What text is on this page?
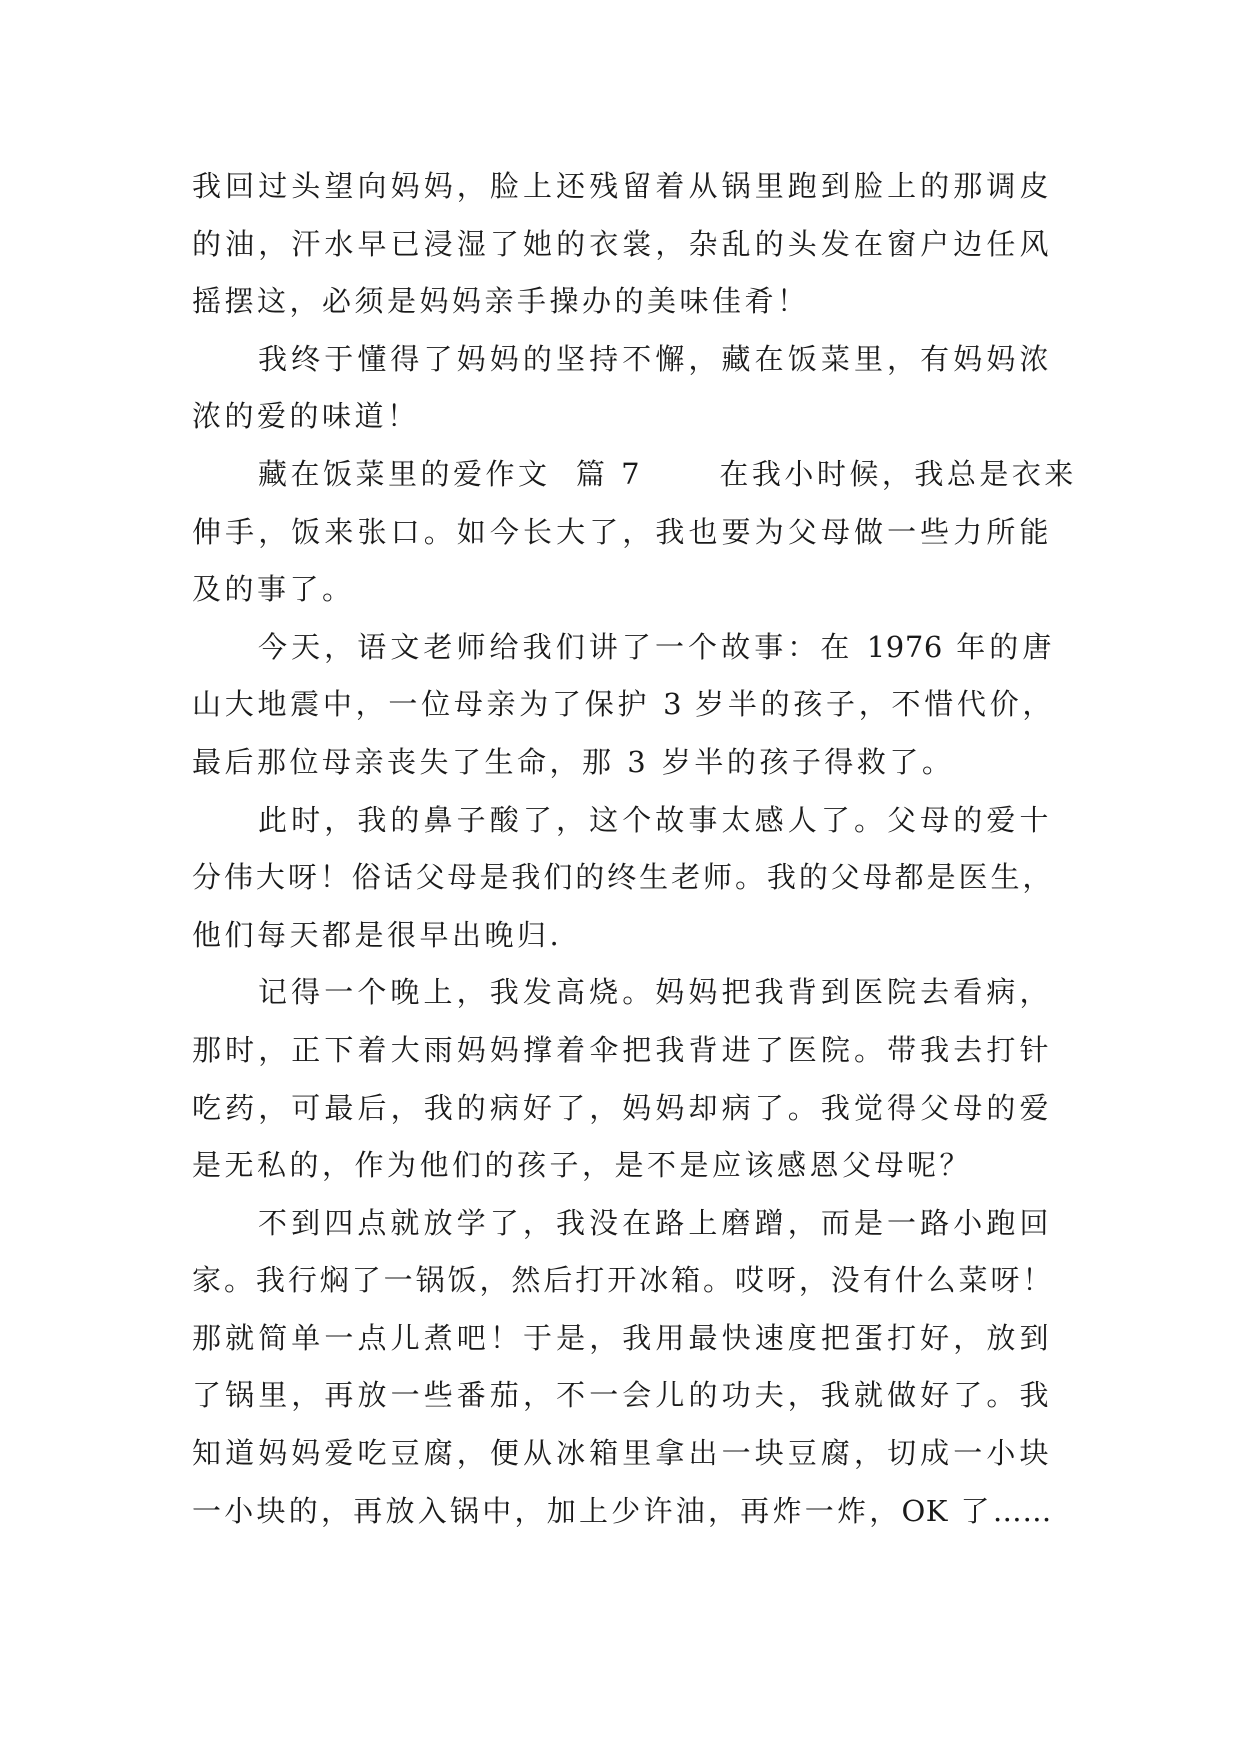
我回过头望向妈妈，脸上还残留着从锅里跑到脸上的那调皮
的油，汗水早已浸湿了她的衣裳，杂乱的头发在窗户边任风
摇摆这，必须是妈妈亲手操办的美味佳肴！
我终于懂得了妈妈的坚持不懈，藏在饭菜里，有妈妈浓
浓的爱的味道！
藏在饭菜里的爱作文  篇 7      在我小时候，我总是衣来
伸手，饭来张口。如今长大了，我也要为父母做一些力所能
及的事了。
今天，语文老师给我们讲了一个故事：在 1976 年的唐
山大地震中，一位母亲为了保护 3 岁半的孩子，不惜代价，
最后那位母亲丧失了生命，那 3 岁半的孩子得救了。
此时，我的鼻子酸了，这个故事太感人了。父母的爱十
分伟大呀！俗话父母是我们的终生老师。我的父母都是医生，
他们每天都是很早出晚归.
记得一个晚上，我发高烧。妈妈把我背到医院去看病，
那时，正下着大雨妈妈撑着伞把我背进了医院。带我去打针
吃药，可最后，我的病好了，妈妈却病了。我觉得父母的爱
是无私的，作为他们的孩子，是不是应该感恩父母呢？
不到四点就放学了，我没在路上磨蹭，而是一路小跑回
家。我行焖了一锅饭，然后打开冰箱。哎呀，没有什么菜呀！
那就简单一点儿煮吧！于是，我用最快速度把蛋打好，放到
了锅里，再放一些番茄，不一会儿的功夫，我就做好了。我
知道妈妈爱吃豆腐，便从冰箱里拿出一块豆腐，切成一小块
一小块的，再放入锅中，加上少许油，再炸一炸，OK 了……
